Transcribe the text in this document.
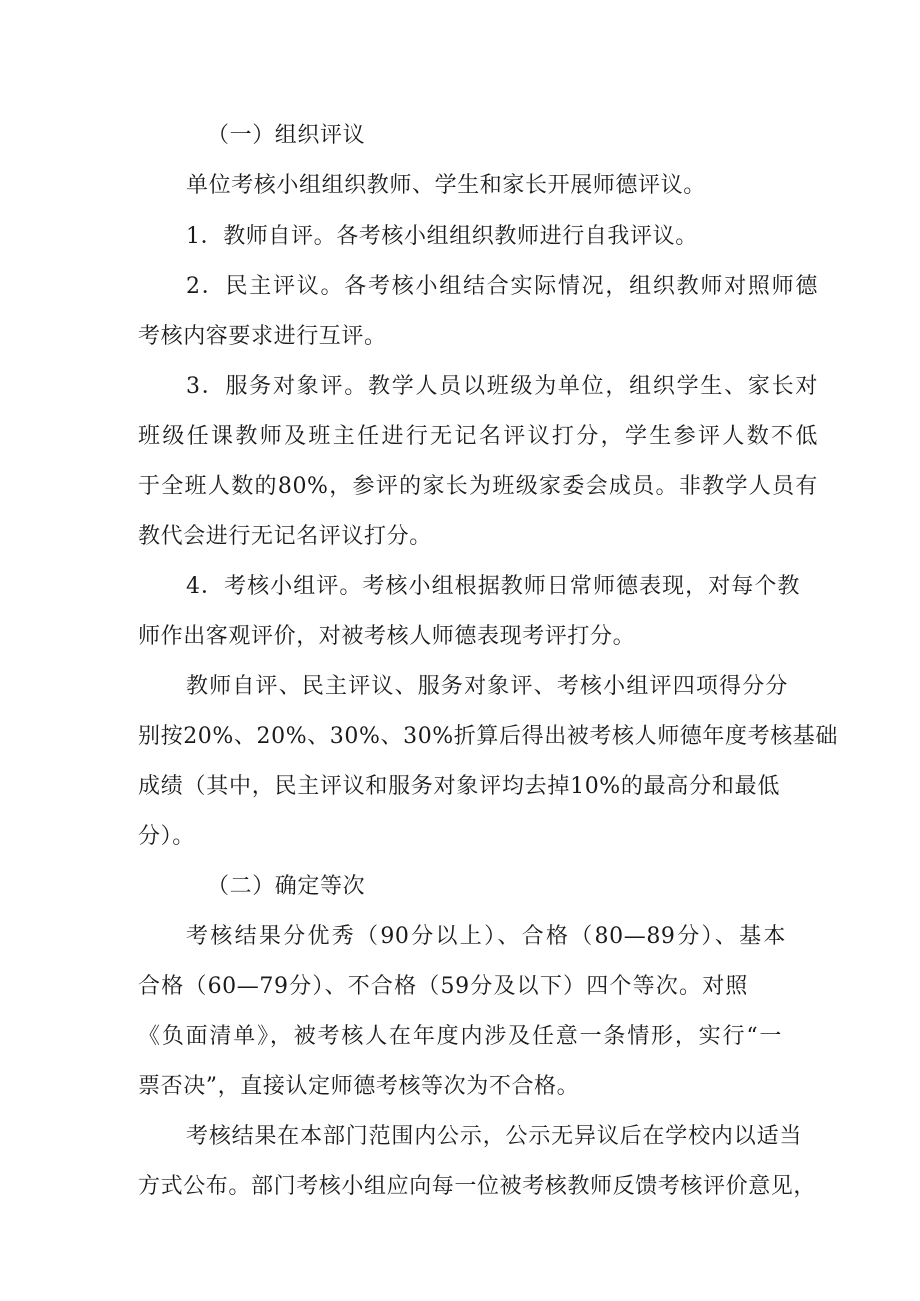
（一）组织评议
单位考核小组组织教师、学生和家长开展师德评议。
1．教师自评。各考核小组组织教师进行自我评议。
2．民主评议。各考核小组结合实际情况，组织教师对照师德
考核内容要求进行互评。
3．服务对象评。教学人员以班级为单位，组织学生、家长对
班级任课教师及班主任进行无记名评议打分，学生参评人数不低
于全班人数的80%，参评的家长为班级家委会成员。非教学人员有
教代会进行无记名评议打分。
4．考核小组评。考核小组根据教师日常师德表现，对每个教
师作出客观评价，对被考核人师德表现考评打分。
教师自评、民主评议、服务对象评、考核小组评四项得分分
别按20%、20%、30%、30%折算后得出被考核人师德年度考核基础
成绩（其中，民主评议和服务对象评均去掉10%的最高分和最低
分）。
（二）确定等次
考核结果分优秀（90分以上）、合格（80—89分）、基本
合格（60—79分）、不合格（59分及以下）四个等次。对照
《负面清单》，被考核人在年度内涉及任意一条情形，实行“一
票否决”，直接认定师德考核等次为不合格。
考核结果在本部门范围内公示，公示无异议后在学校内以适当
方式公布。部门考核小组应向每一位被考核教师反馈考核评价意见，
